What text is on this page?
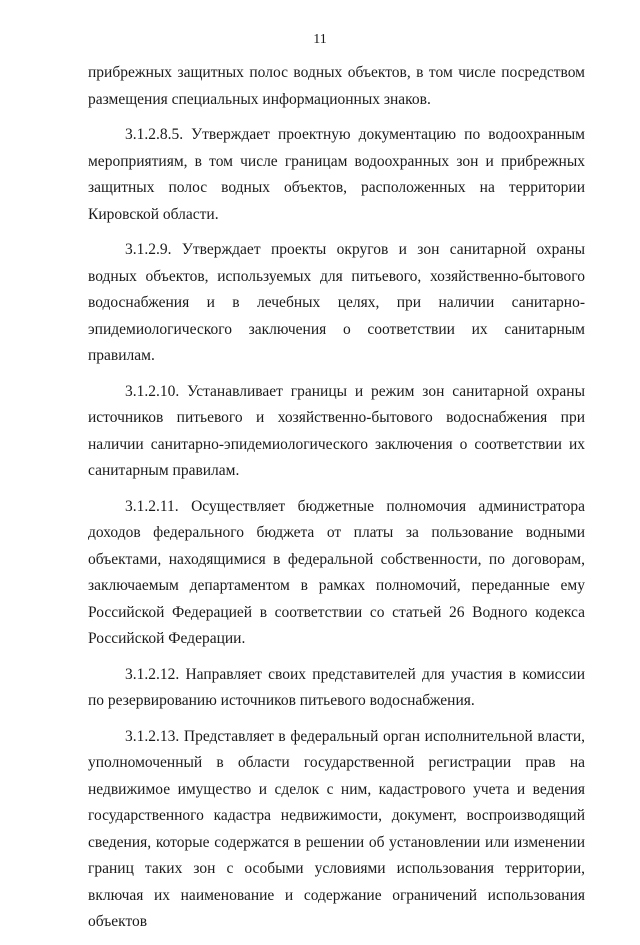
11

прибрежных защитных полос водных объектов, в том числе посредством размещения специальных информационных знаков.

3.1.2.8.5. Утверждает проектную документацию по водоохранным мероприятиям, в том числе границам водоохранных зон и прибрежных защитных полос водных объектов, расположенных на территории Кировской области.

3.1.2.9. Утверждает проекты округов и зон санитарной охраны водных объектов, используемых для питьевого, хозяйственно-бытового водоснабжения и в лечебных целях, при наличии санитарно-эпидемиологического заключения о соответствии их санитарным правилам.

3.1.2.10. Устанавливает границы и режим зон санитарной охраны источников питьевого и хозяйственно-бытового водоснабжения при наличии санитарно-эпидемиологического заключения о соответствии их санитарным правилам.

3.1.2.11. Осуществляет бюджетные полномочия администратора доходов федерального бюджета от платы за пользование водными объектами, находящимися в федеральной собственности, по договорам, заключаемым департаментом в рамках полномочий, переданные ему Российской Федерацией в соответствии со статьей 26 Водного кодекса Российской Федерации.

3.1.2.12. Направляет своих представителей для участия в комиссии по резервированию источников питьевого водоснабжения.

3.1.2.13. Представляет в федеральный орган исполнительной власти, уполномоченный в области государственной регистрации прав на недвижимое имущество и сделок с ним, кадастрового учета и ведения государственного кадастра недвижимости, документ, воспроизводящий сведения, которые содержатся в решении об установлении или изменении границ таких зон с особыми условиями использования территории, включая их наименование и содержание ограничений использования объектов
